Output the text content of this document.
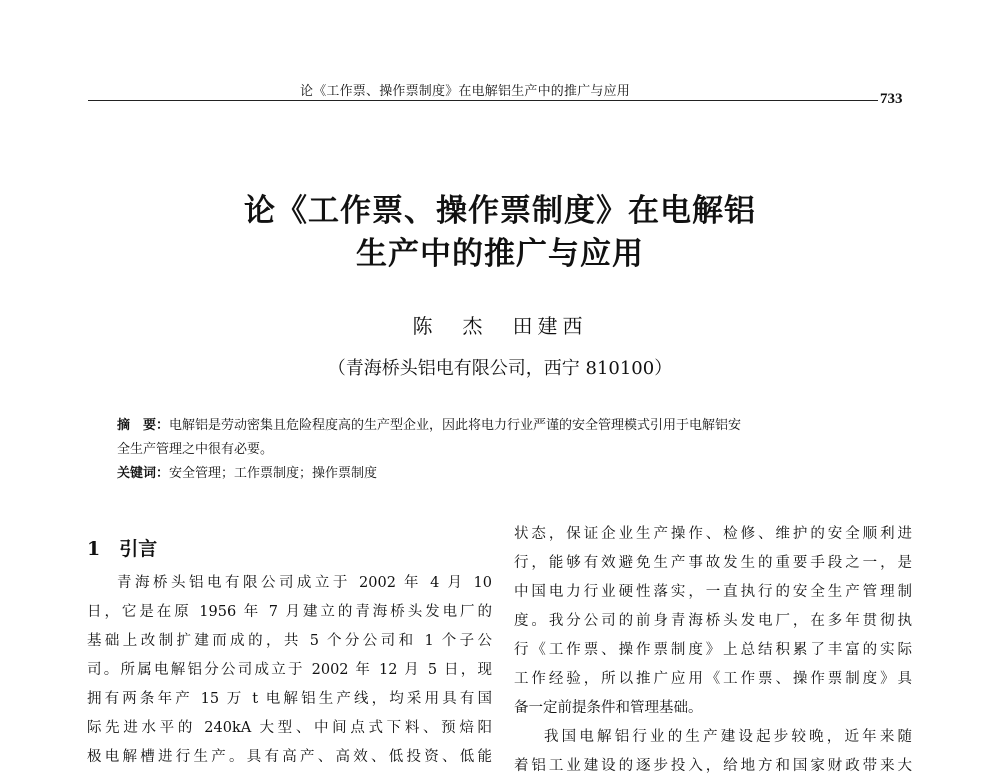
论《工作票、操作票制度》在电解铝生产中的推广与应用	733
论《工作票、操作票制度》在电解铝
生产中的推广与应用
陈　杰　田建西
（青海桥头铝电有限公司，西宁 810100）
摘　要：电解铝是劳动密集且危险程度高的生产型企业，因此将电力行业严谨的安全管理模式引用于电解铝安
全生产管理之中很有必要。
关键词：安全管理；工作票制度；操作票制度
1　引言
青海桥头铝电有限公司成立于 2002 年 4 月 10
日，它是在原 1956 年 7 月建立的青海桥头发电厂的
基础上改制扩建而成的，共 5 个分公司和 1 个子公
司。所属电解铝分公司成立于 2002 年 12 月 5 日，现
拥有两条年产 15 万 t 电解铝生产线，均采用具有国
际先进水平的 240kA 大型、中间点式下料、预焙阳
极电解槽进行生产。具有高产、高效、低投资、低能
状态，保证企业生产操作、检修、维护的安全顺利进
行，能够有效避免生产事故发生的重要手段之一，是
中国电力行业硬性落实，一直执行的安全生产管理制
度。我分公司的前身青海桥头发电厂，在多年贯彻执
行《工作票、操作票制度》上总结积累了丰富的实际
工作经验，所以推广应用《工作票、操作票制度》具
备一定前提条件和管理基础。
我国电解铝行业的生产建设起步较晚，近年来随
着铝工业建设的逐步投入，给地方和国家财政带来大
